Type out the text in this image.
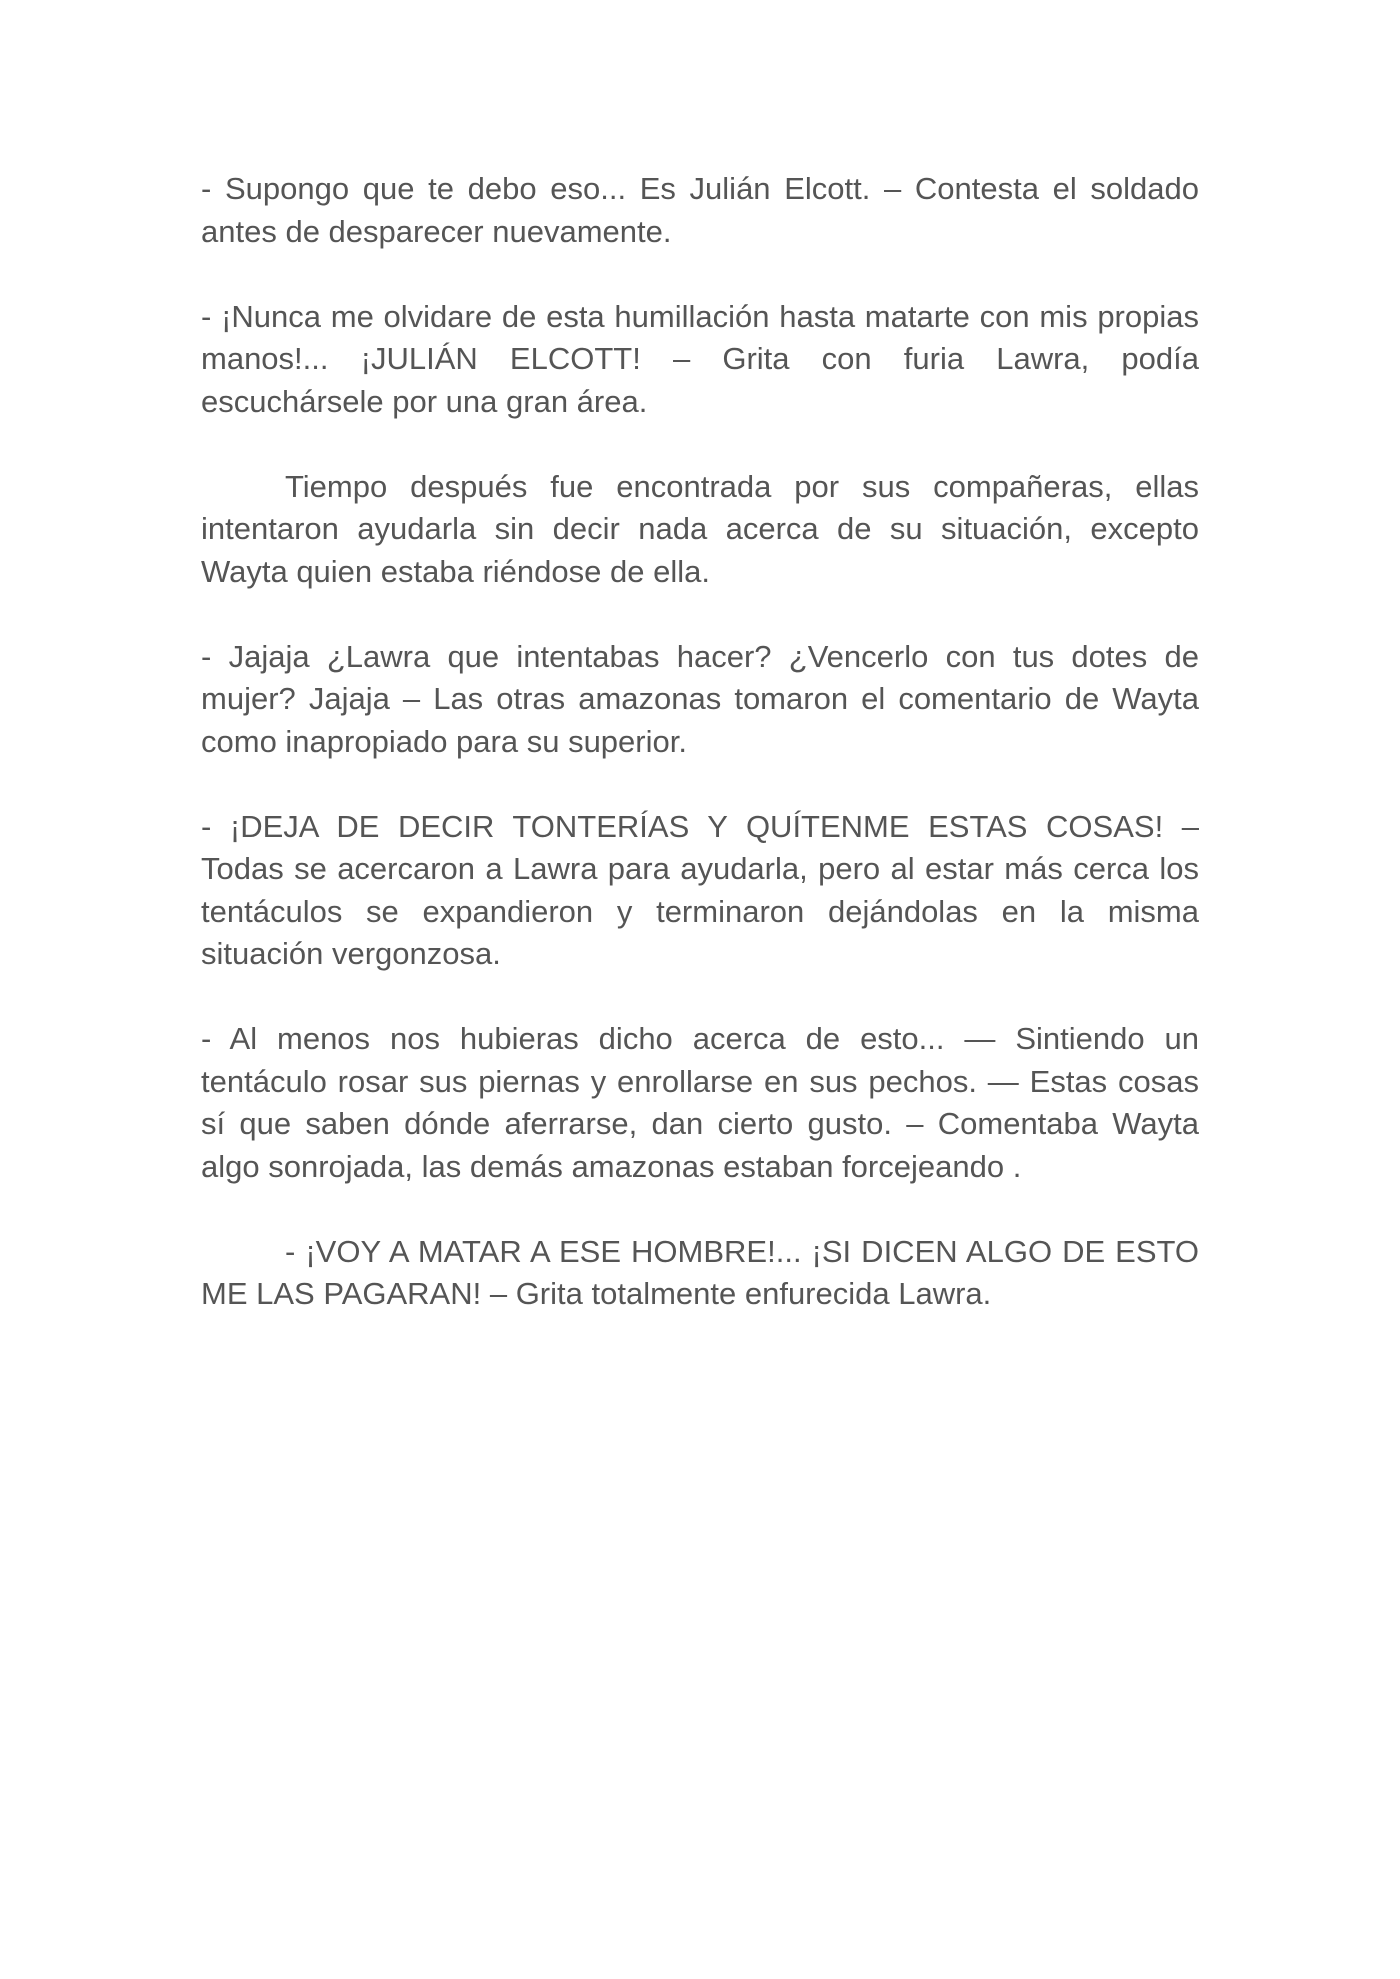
- Supongo que te debo eso... Es Julián Elcott. – Contesta el soldado antes de desparecer nuevamente.

- ¡Nunca me olvidare de esta humillación hasta matarte con mis propias manos!... ¡JULIÁN ELCOTT! – Grita con furia Lawra, podía escuchársele por una gran área.

Tiempo después fue encontrada por sus compañeras, ellas intentaron ayudarla sin decir nada acerca de su situación, excepto Wayta quien estaba riéndose de ella.

- Jajaja ¿Lawra que intentabas hacer? ¿Vencerlo con tus dotes de mujer? Jajaja – Las otras amazonas tomaron el comentario de Wayta como inapropiado para su superior.

- ¡DEJA DE DECIR TONTERÍAS Y QUÍTENME ESTAS COSAS! – Todas se acercaron a Lawra para ayudarla, pero al estar más cerca los tentáculos se expandieron y terminaron dejándolas en la misma situación vergonzosa.

- Al menos nos hubieras dicho acerca de esto... — Sintiendo un tentáculo rosar sus piernas y enrollarse en sus pechos. — Estas cosas sí que saben dónde aferrarse, dan cierto gusto. – Comentaba Wayta algo sonrojada, las demás amazonas estaban forcejeando .

- ¡VOY A MATAR A ESE HOMBRE!... ¡SI DICEN ALGO DE ESTO ME LAS PAGARAN! – Grita totalmente enfurecida Lawra.
